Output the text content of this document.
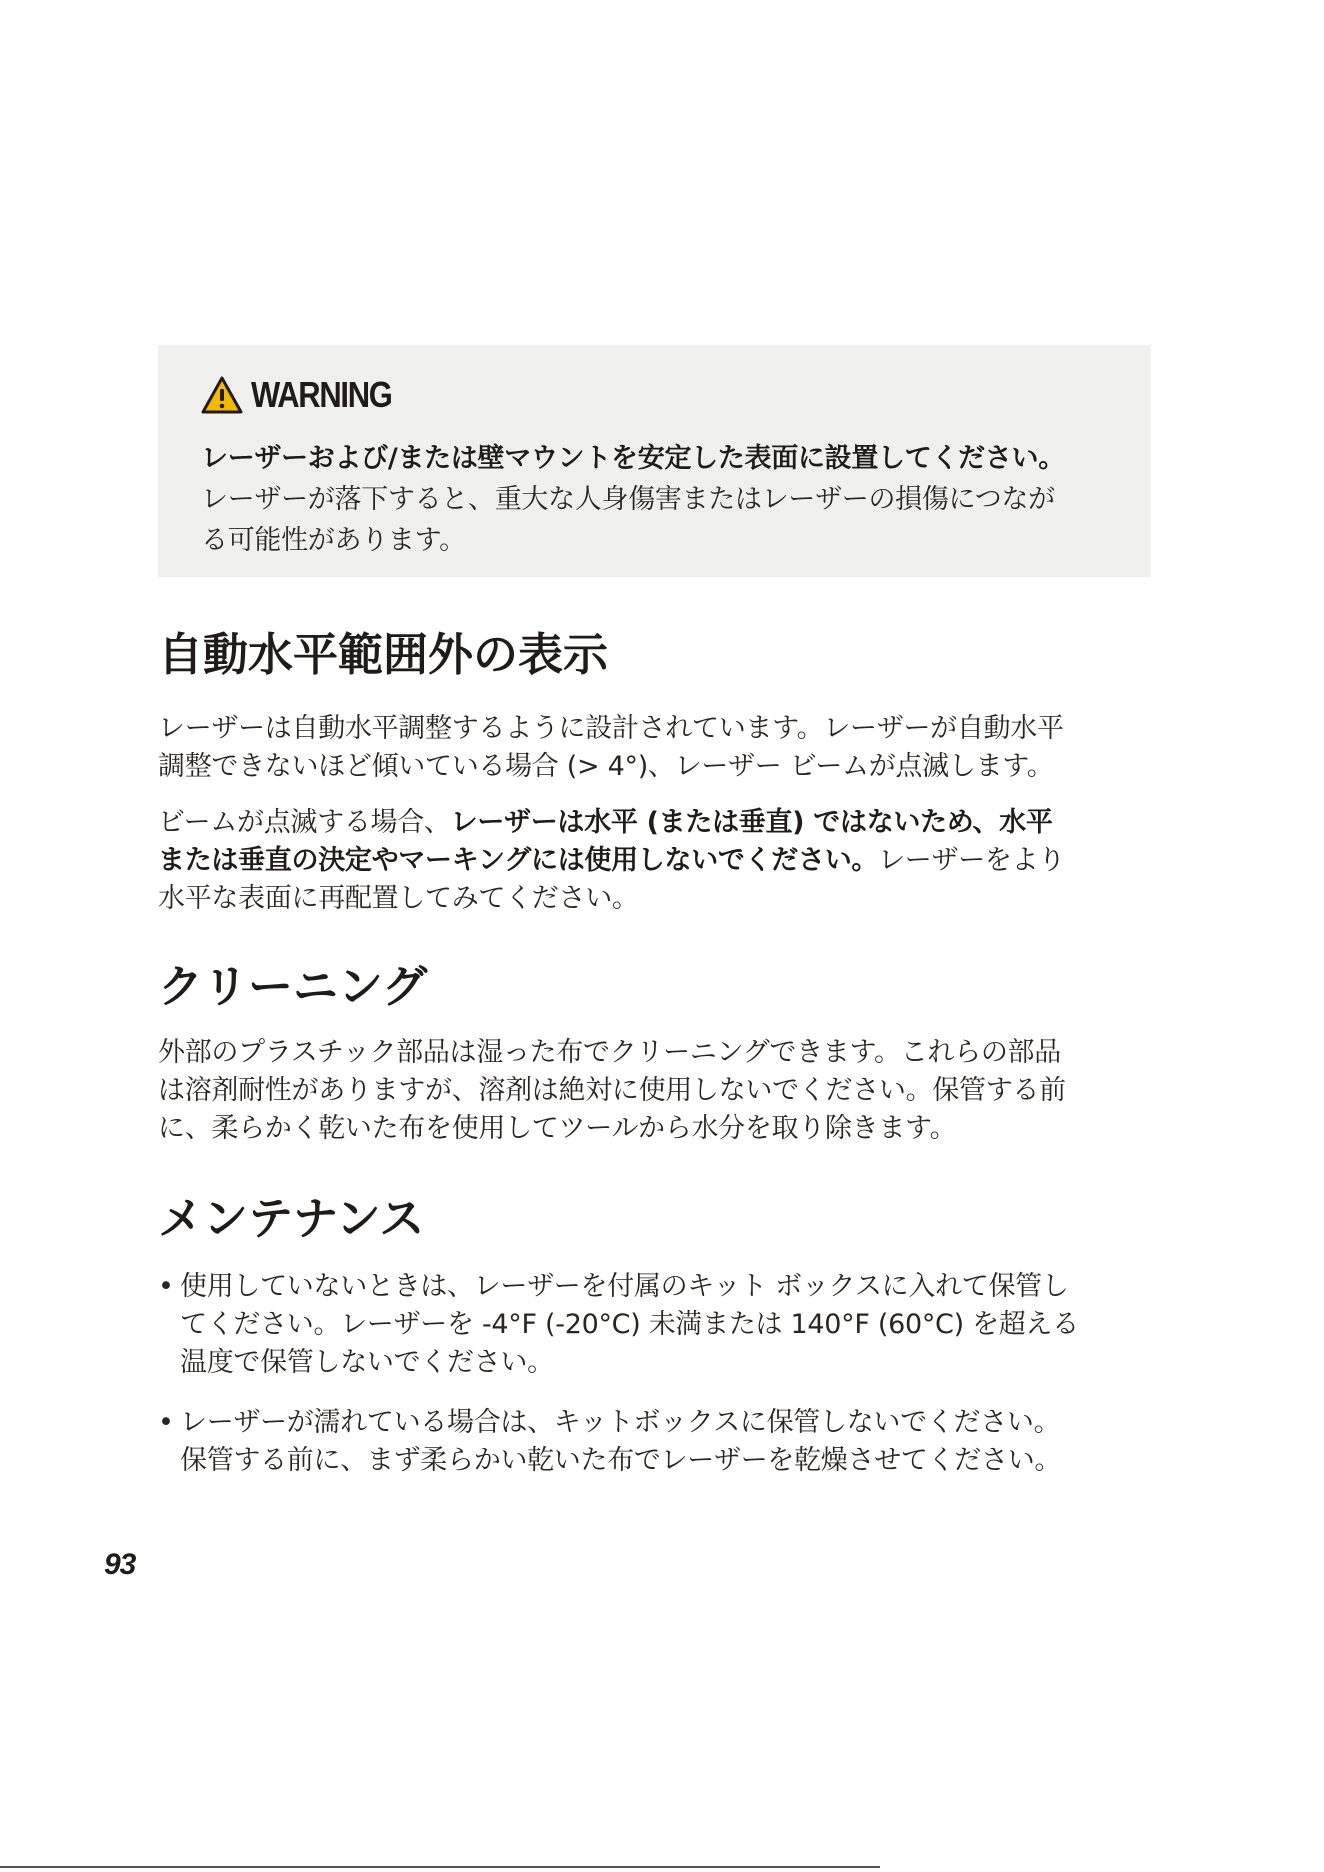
WARNING
レーザーおよび/または壁マウントを安定した表面に設置してください。
レーザーが落下すると、重大な人身傷害またはレーザーの損傷につなが
る可能性があります。
自動水平範囲外の表示
レーザーは自動水平調整するように設計されています。レーザーが自動水平
調整できないほど傾いている場合 (> 4°)、レーザー ビームが点滅します。
ビームが点滅する場合、レーザーは水平 (または垂直) ではないため、水平
または垂直の決定やマーキングには使用しないでください。レーザーをより
水平な表面に再配置してみてください。
クリーニング
外部のプラスチック部品は湿った布でクリーニングできます。これらの部品
は溶剤耐性がありますが、溶剤は絶対に使用しないでください。保管する前
に、柔らかく乾いた布を使用してツールから水分を取り除きます。
メンテナンス
• 使用していないときは、レーザーを付属のキット ボックスに入れて保管し
てください。レーザーを -4°F (-20°C) 未満または 140°F (60°C) を超える
温度で保管しないでください。
• レーザーが濡れている場合は、キットボックスに保管しないでください。
保管する前に、まず柔らかい乾いた布でレーザーを乾燥させてください。
93
